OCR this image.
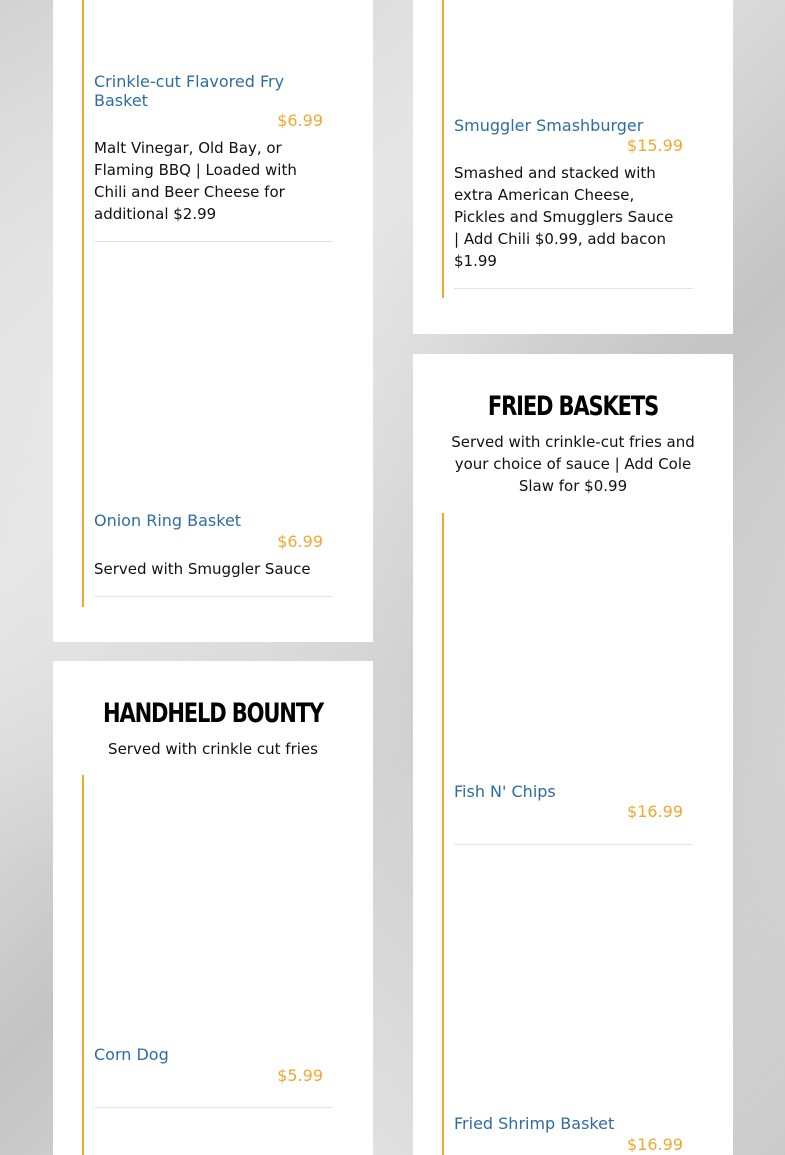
Crinkle-cut Flavored Fry Basket
$6.99
Malt Vinegar, Old Bay, or Flaming BBQ | Loaded with Chili and Beer Cheese for additional $2.99
Onion Ring Basket
$6.99
Served with Smuggler Sauce
HANDHELD BOUNTY
Served with crinkle cut fries
Corn Dog
$5.99
Smuggler Smashburger
$15.99
Smashed and stacked with extra American Cheese, Pickles and Smugglers Sauce | Add Chili $0.99, add bacon $1.99
FRIED BASKETS
Served with crinkle-cut fries and your choice of sauce | Add Cole Slaw for $0.99
Fish N' Chips
$16.99
Fried Shrimp Basket
$16.99
